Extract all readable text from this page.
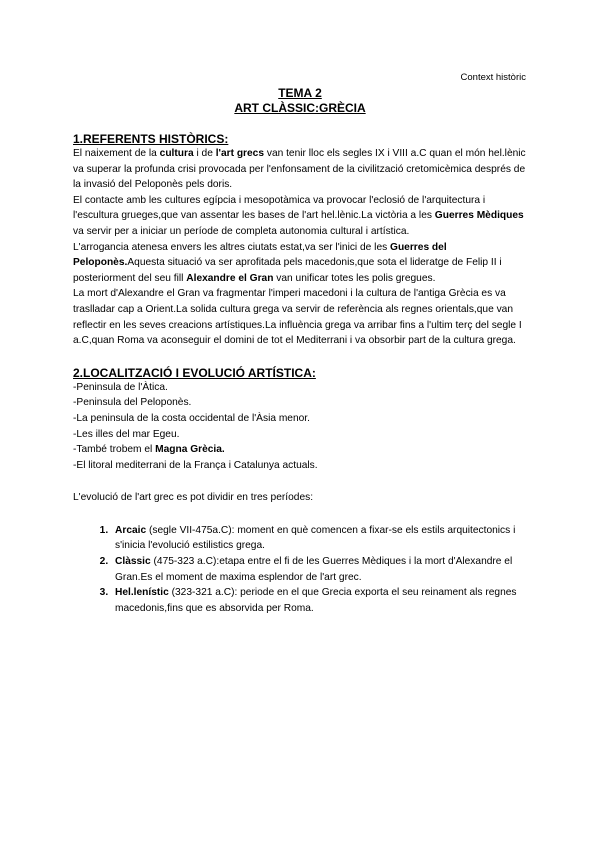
Context històric
TEMA 2
ART CLÀSSIC:GRÈCIA
1.REFERENTS HISTÒRICS:

El naixement de la cultura i de l'art grecs van tenir lloc els segles IX i VIII a.C quan el món hel.lènic va superar la profunda crisi provocada per l'enfonsament de la civilització cretomicèmica després de la invasió del Peloponès pels doris.

El contacte amb les cultures egípcia i mesopotàmica va provocar l'eclosió de l'arquitectura i l'escultura grueges,que van assentar les bases de l'art hel.lènic.La victòria a les Guerres Mèdiques va servir per a iniciar un període de completa autonomia cultural i artística.

L'arrogancia atenesa envers les altres ciutats estat,va ser l'inici de les Guerres del Peloponès.Aquesta situació va ser aprofitada pels macedonis,que sota el lideratge de Felip II i posteriorment del seu fill Alexandre el Gran van unificar totes les polis gregues.

La mort d'Alexandre el Gran va fragmentar l'imperi macedoni i la cultura de l'antiga Grècia es va traslladar cap a Orient.La solida cultura grega va servir de referència als regnes orientals,que van reflectir en les seves creacions artístiques.La influència grega va arribar fins a l'ultim terç del segle I a.C,quan Roma va aconseguir el domini de tot el Mediterrani i va obsorbir part de la cultura grega.

2.LOCALITZACIÓ I EVOLUCIÓ ARTÍSTICA:

-Peninsula de l'Àtica.

-Peninsula del Peloponès.

-La peninsula de la costa occidental de l'Àsia menor.

-Les illes del mar Egeu.

-També trobem el Magna Grècia.

-El litoral mediterrani de la França i Catalunya actuals.

L'evolució de l'art grec es pot dividir en tres períodes:

1. Arcaic (segle VII-475a.C): moment en què comencen a fixar-se els estils arquitectonics i s'inicia l'evolució estilistics grega.
2. Clàssic (475-323 a.C):etapa entre el fi de les Guerres Mèdiques i la mort d'Alexandre el Gran.Es el moment de maxima esplendor de l'art grec.
3. Hel.lenístic (323-321 a.C): periode en el que Grecia exporta el seu reinament als regnes macedonis,fins que es absorvida per Roma.
